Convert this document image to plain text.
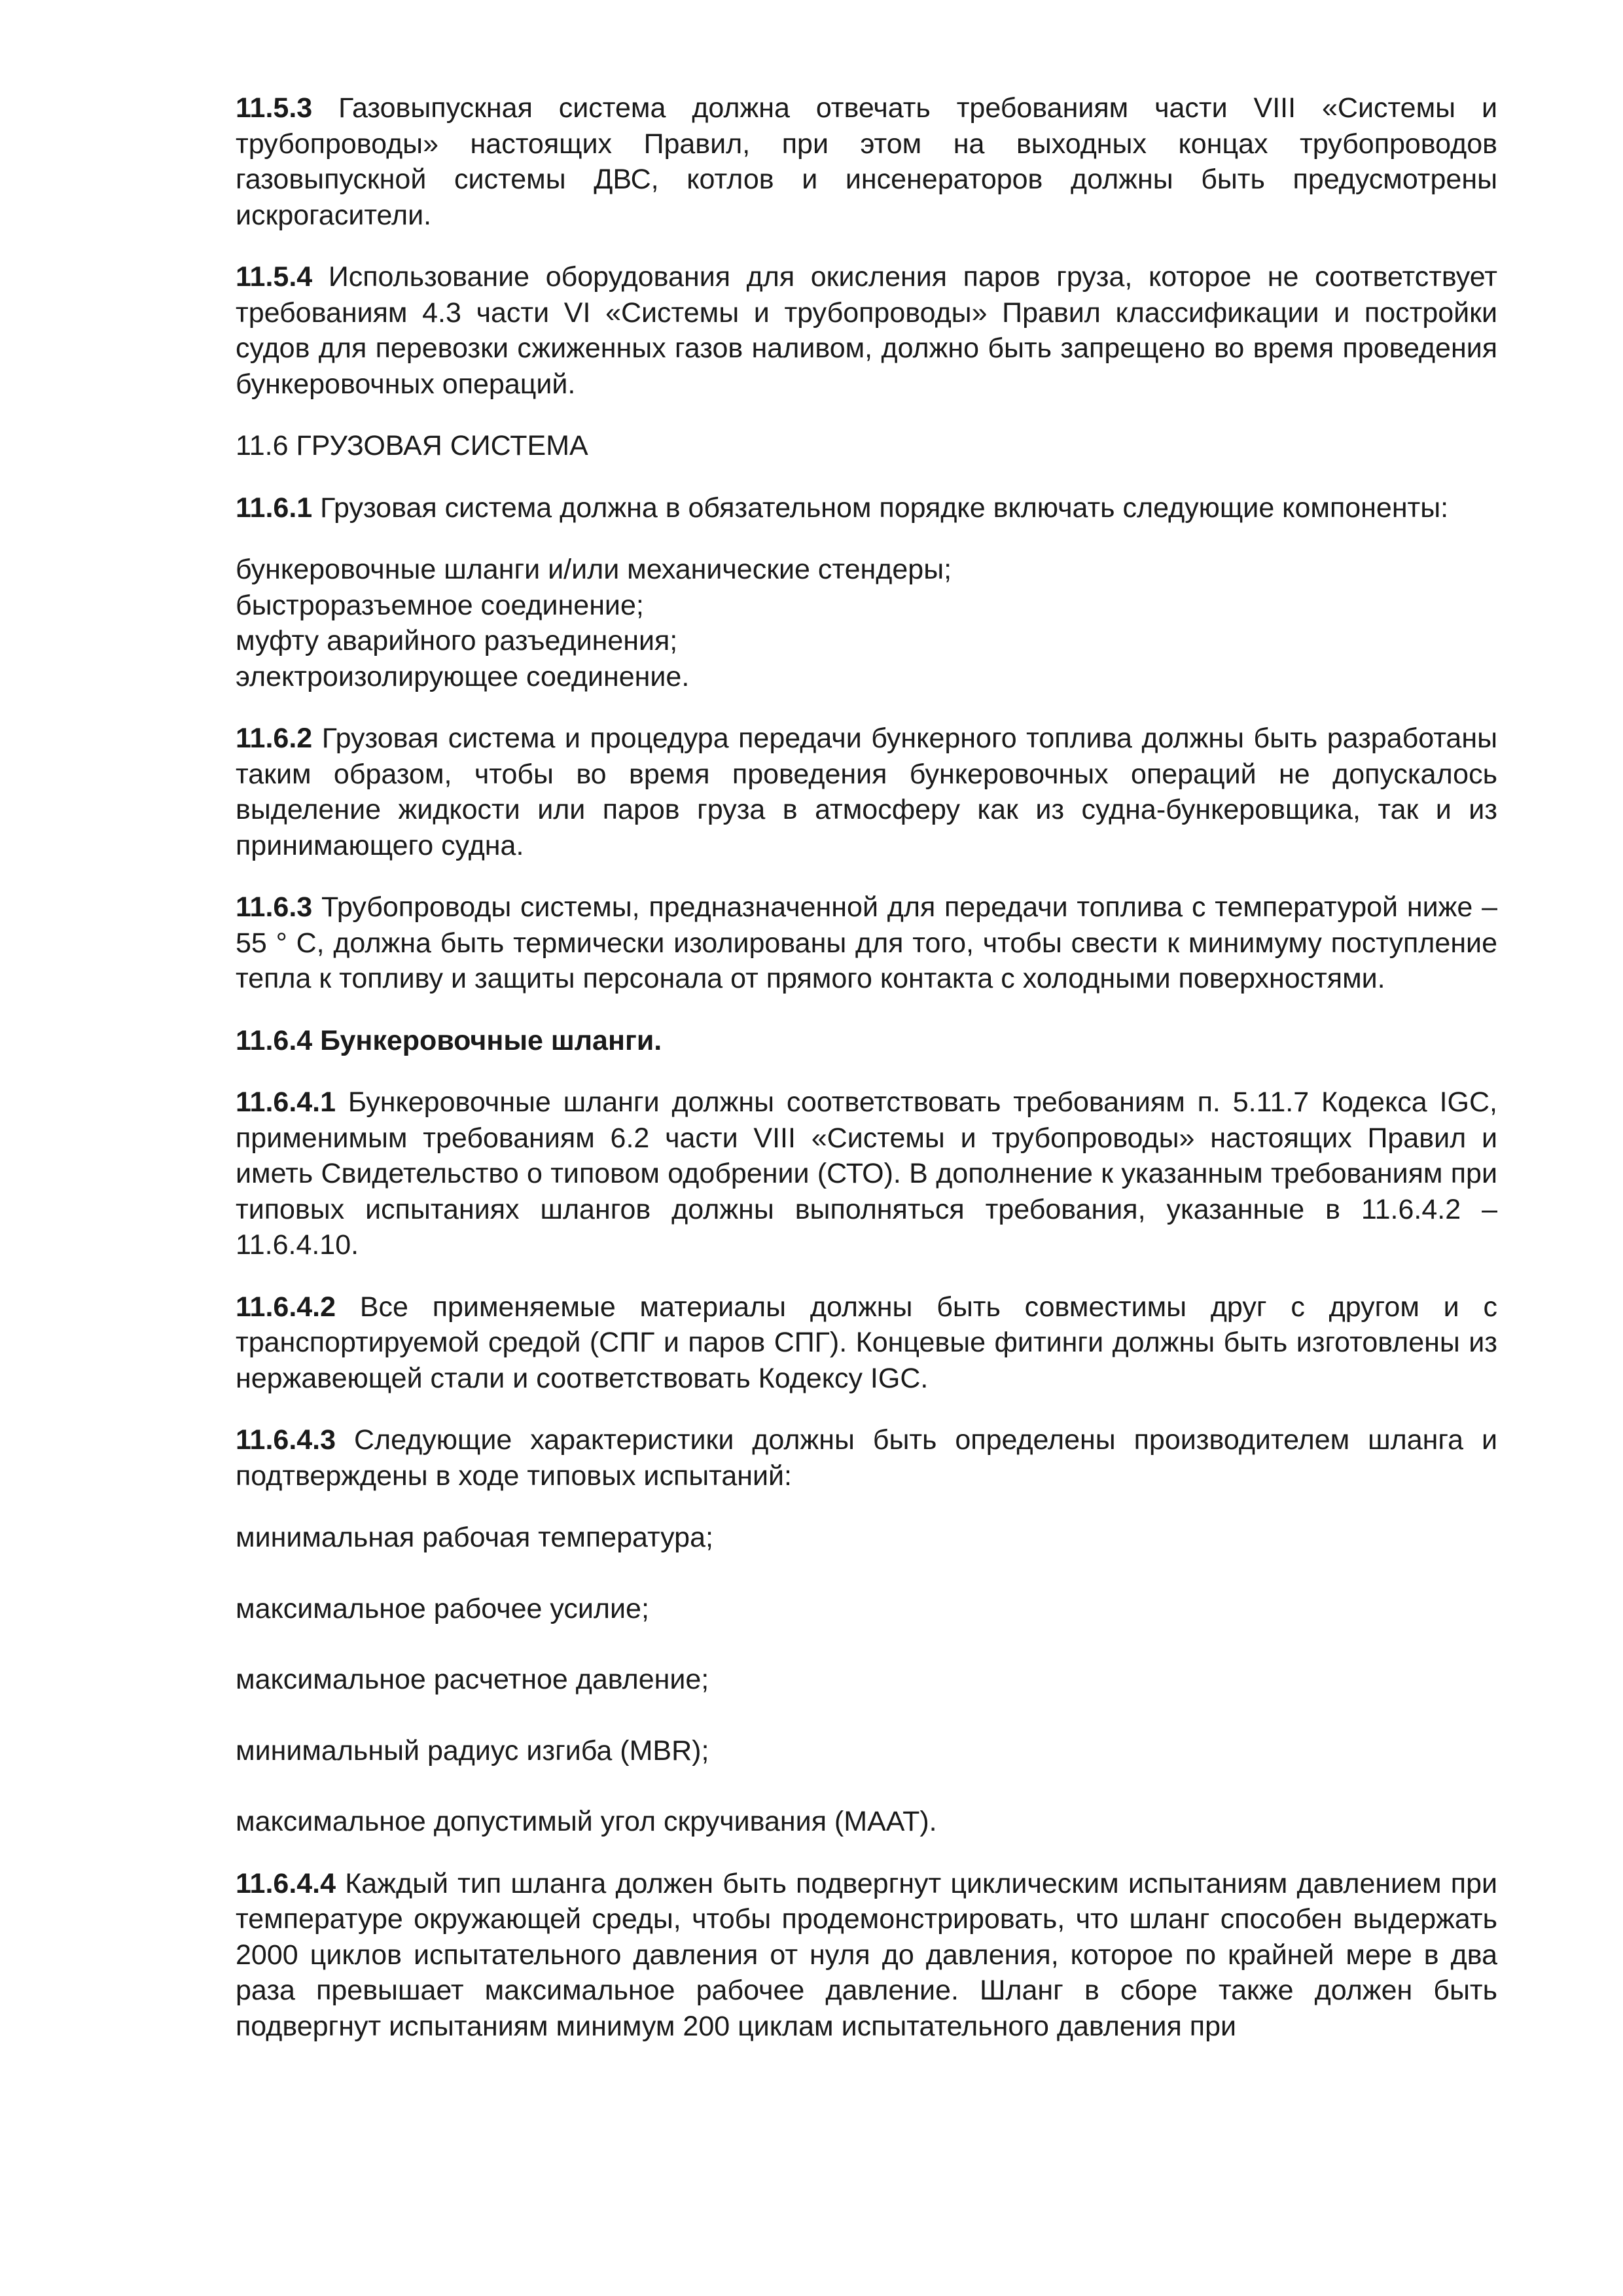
11.5.3 Газовыпускная система должна отвечать требованиям части VIII «Системы и трубопроводы» настоящих Правил, при этом на выходных концах трубопроводов газовыпускной системы ДВС, котлов и инсенераторов должны быть предусмотрены искрогасители.

11.5.4 Использование оборудования для окисления паров груза, которое не соответствует требованиям 4.3 части VI «Системы и трубопроводы» Правил классификации и постройки судов для перевозки сжиженных газов наливом, должно быть запрещено во время проведения бункеровочных операций.

11.6 ГРУЗОВАЯ СИСТЕМА

11.6.1 Грузовая система должна в обязательном порядке включать следующие компоненты:

бункеровочные шланги и/или механические стендеры;
быстроразъемное соединение;
муфту аварийного разъединения;
электроизолирующее соединение.

11.6.2 Грузовая система и процедура передачи бункерного топлива должны быть разработаны таким образом, чтобы во время проведения бункеровочных операций не допускалось выделение жидкости или паров груза в атмосферу как из судна-бункеровщика, так и из принимающего судна.

11.6.3 Трубопроводы системы, предназначенной для передачи топлива с температурой ниже – 55 ° С, должна быть термически изолированы для того, чтобы свести к минимуму поступление тепла к топливу и защиты персонала от прямого контакта с холодными поверхностями.

11.6.4 Бункеровочные шланги.

11.6.4.1 Бункеровочные шланги должны соответствовать требованиям п. 5.11.7 Кодекса IGC, применимым требованиям 6.2 части VIII «Системы и трубопроводы» настоящих Правил и иметь Свидетельство о типовом одобрении (СТО). В дополнение к указанным требованиям при типовых испытаниях шлангов должны выполняться требования, указанные в 11.6.4.2 – 11.6.4.10.

11.6.4.2 Все применяемые материалы должны быть совместимы друг с другом и с транспортируемой средой (СПГ и паров СПГ). Концевые фитинги должны быть изготовлены из нержавеющей стали и соответствовать Кодексу IGC.

11.6.4.3 Следующие характеристики должны быть определены производителем шланга и подтверждены в ходе типовых испытаний:

минимальная рабочая температура;
максимальное рабочее усилие;
максимальное расчетное давление;
минимальный радиус изгиба (MBR);
максимальное допустимый угол скручивания (МААТ).

11.6.4.4 Каждый тип шланга должен быть подвергнут циклическим испытаниям давлением при температуре окружающей среды, чтобы продемонстрировать, что шланг способен выдержать 2000 циклов испытательного давления от нуля до давления, которое по крайней мере в два раза превышает максимальное рабочее давление. Шланг в сборе также должен быть подвергнут испытаниям минимум 200 циклам испытательного давления при
